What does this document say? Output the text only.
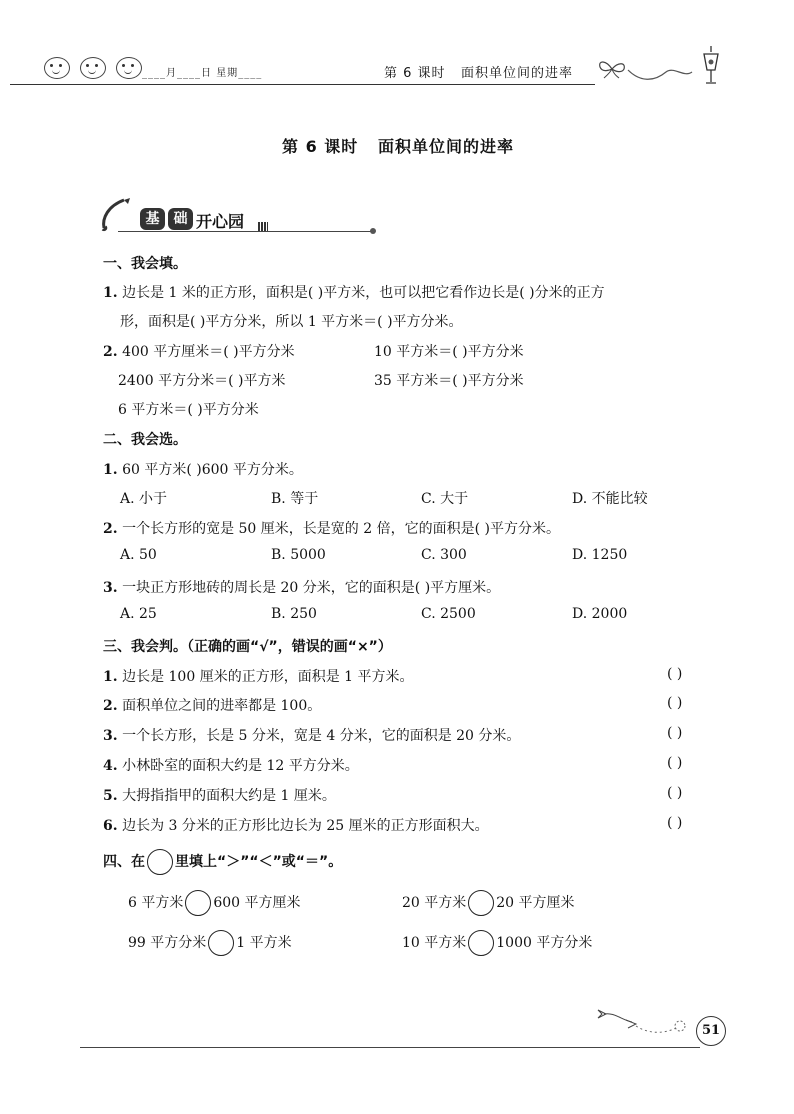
____月____日 星期____	第 6 课时 面积单位间的进率
第 6 课时 面积单位间的进率
基	础 开心园
一、我会填。
1. 边长是 1 米的正方形，面积是( )平方米，也可以把它看作边长是( )分米的正方
形，面积是( )平方分米，所以 1 平方米＝( )平方分米。
2. 400 平方厘米＝( )平方分米	10 平方米＝( )平方分米
2400 平方分米＝( )平方米	35 平方米＝( )平方分米
6 平方米＝( )平方分米
二、我会选。
1. 60 平方米( )600 平方分米。
A. 小于	B. 等于	C. 大于	D. 不能比较
2. 一个长方形的宽是 50 厘米，长是宽的 2 倍，它的面积是( )平方分米。
A. 50	B. 5000	C. 300	D. 1250
3. 一块正方形地砖的周长是 20 分米，它的面积是( )平方厘米。
A. 25	B. 250	C. 2500	D. 2000
三、我会判。（正确的画“√”，错误的画“×”）
1. 边长是 100 厘米的正方形，面积是 1 平方米。	( )
2. 面积单位之间的进率都是 100。	( )
3. 一个长方形，长是 5 分米，宽是 4 分米，它的面积是 20 分米。	( )
4. 小林卧室的面积大约是 12 平方分米。	( )
5. 大拇指指甲的面积大约是 1 厘米。	( )
6. 边长为 3 分米的正方形比边长为 25 厘米的正方形面积大。	( )
四、在 里填上“＞”“＜”或“＝”。
6 平方米 600 平方厘米	20 平方米 20 平方厘米
99 平方分米 1 平方米	10 平方米 1000 平方分米
51
